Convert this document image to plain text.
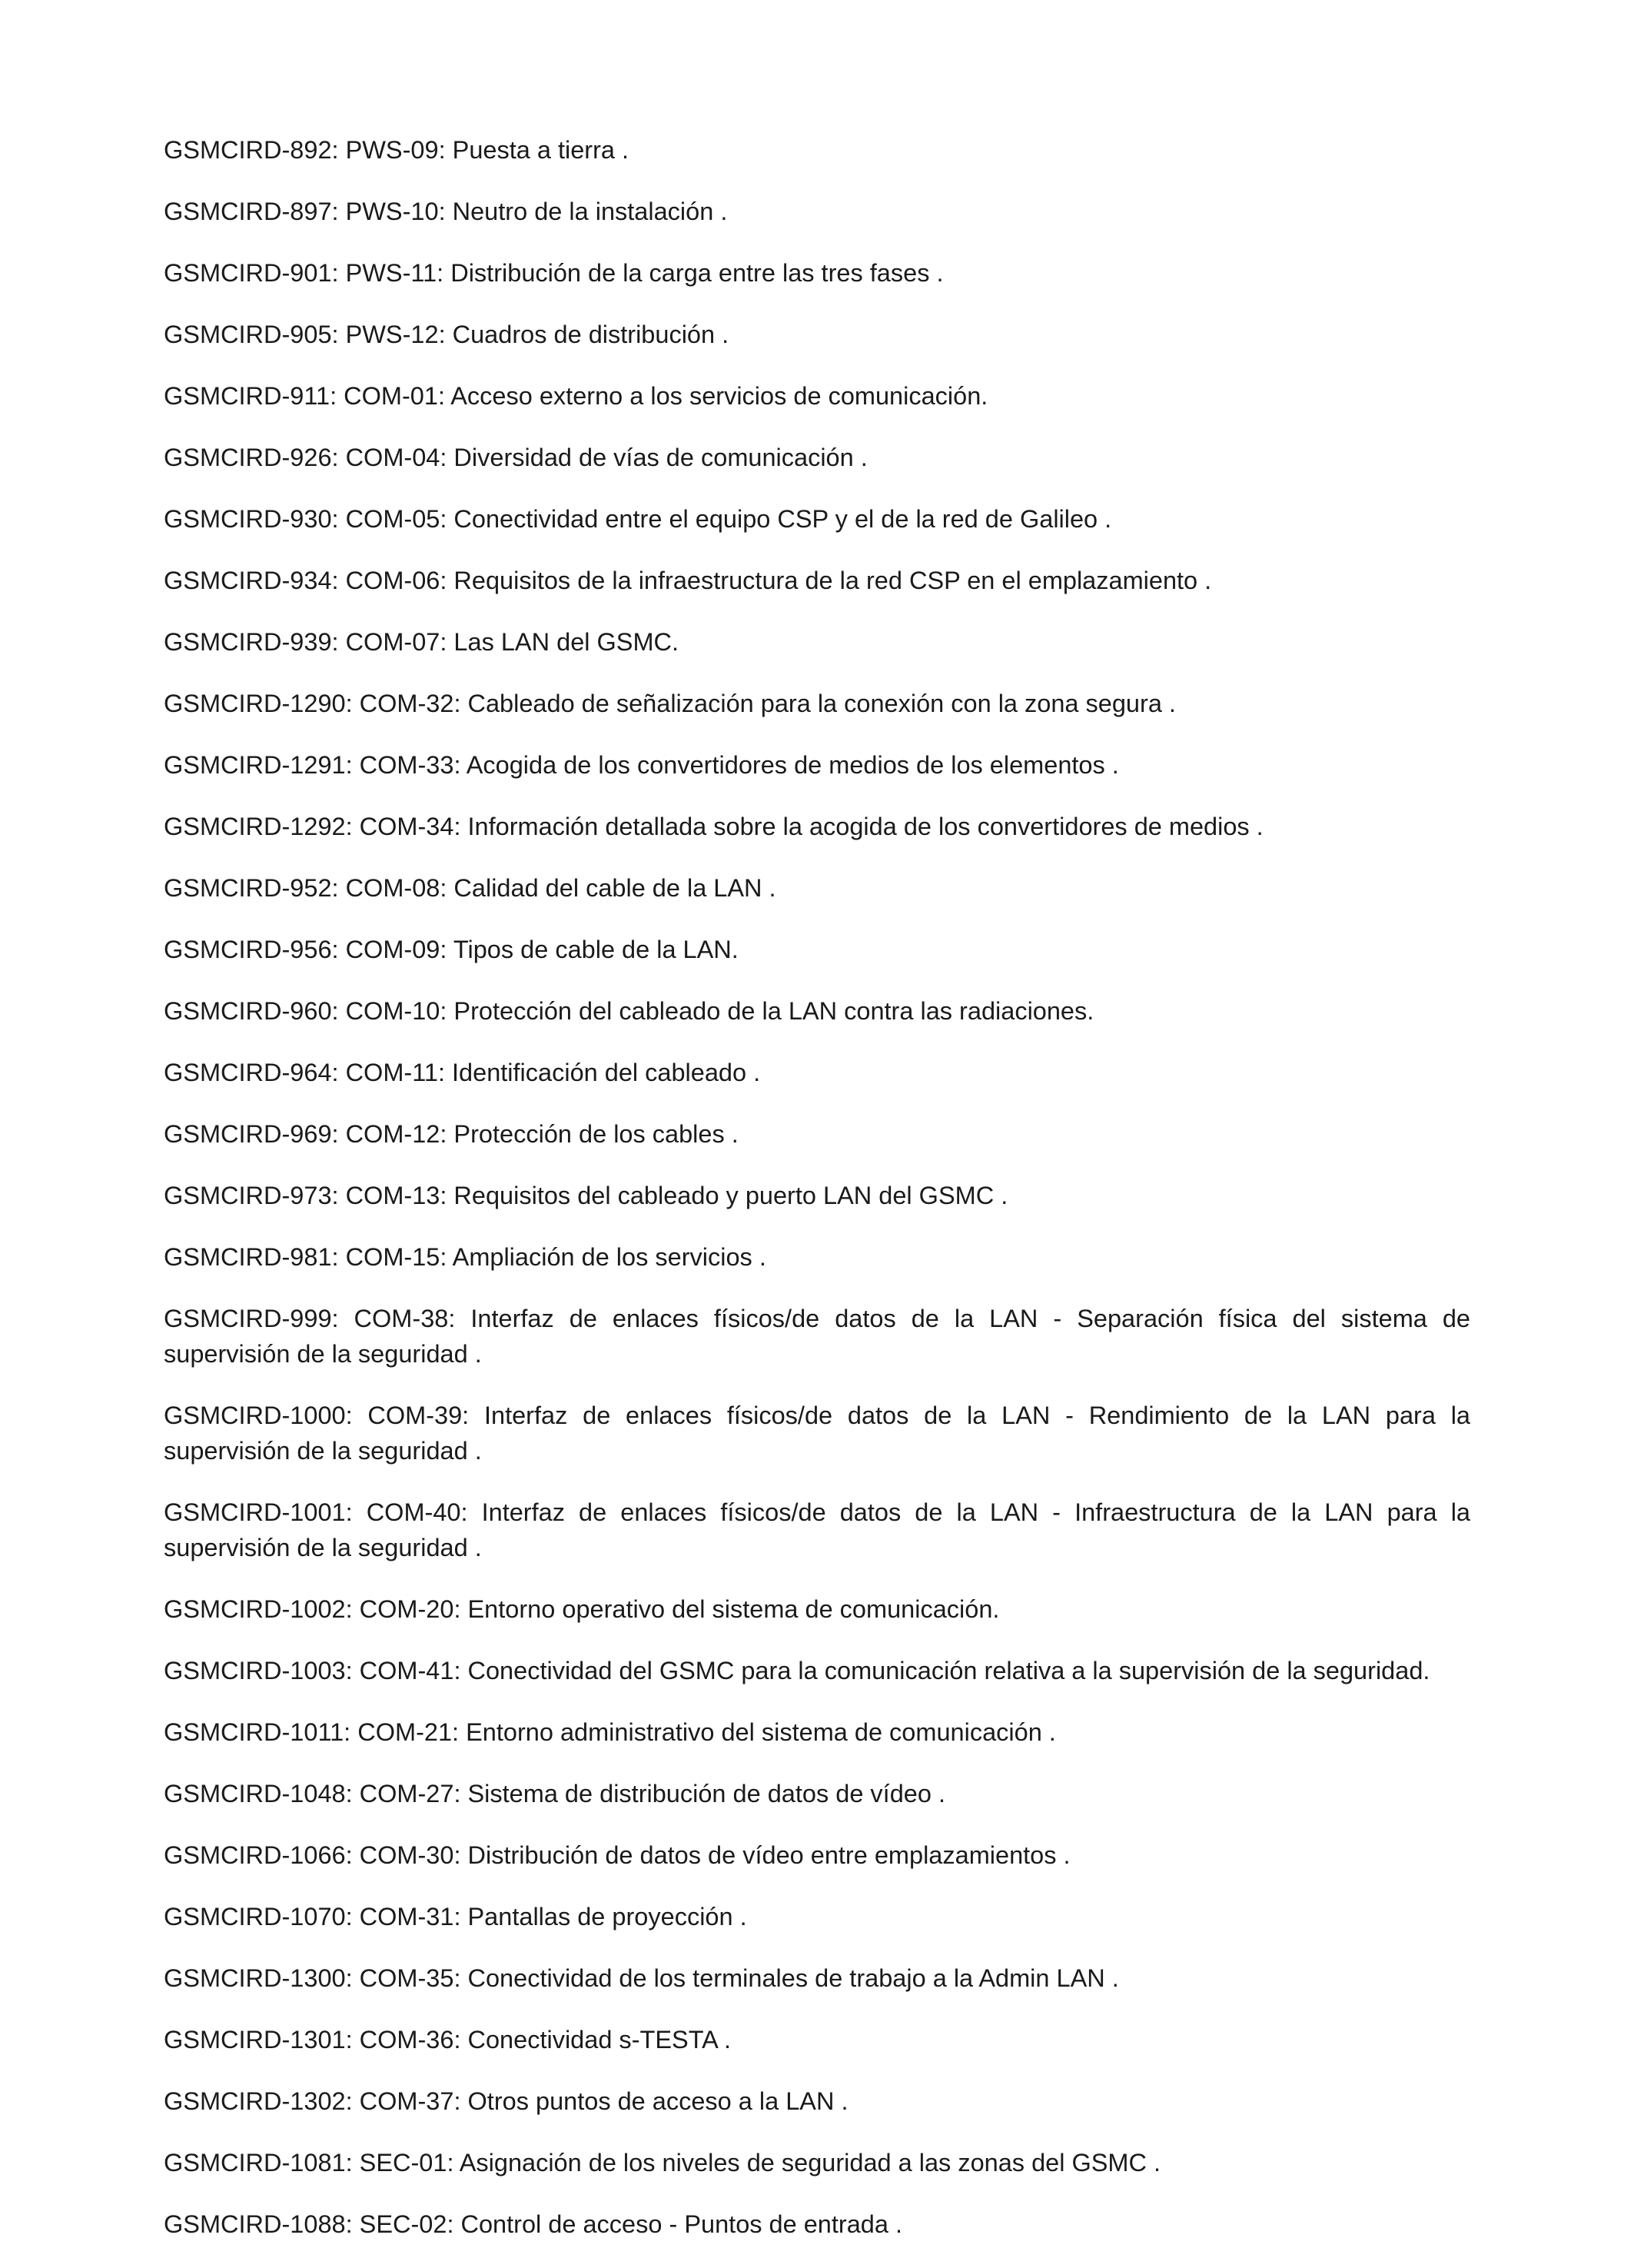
GSMCIRD-892: PWS-09: Puesta a tierra .

GSMCIRD-897: PWS-10: Neutro de la instalación .

GSMCIRD-901: PWS-11: Distribución de la carga entre las tres fases .

GSMCIRD-905: PWS-12: Cuadros de distribución .

GSMCIRD-911: COM-01: Acceso externo a los servicios de comunicación.

GSMCIRD-926: COM-04: Diversidad de vías de comunicación .

GSMCIRD-930: COM-05: Conectividad entre el equipo CSP y el de la red de Galileo .

GSMCIRD-934: COM-06: Requisitos de la infraestructura de la red CSP en el emplazamiento .

GSMCIRD-939: COM-07: Las LAN del GSMC.

GSMCIRD-1290: COM-32: Cableado de señalización para la conexión con la zona segura .

GSMCIRD-1291: COM-33: Acogida de los convertidores de medios de los elementos .

GSMCIRD-1292: COM-34: Información detallada sobre la acogida de los convertidores de medios .

GSMCIRD-952: COM-08: Calidad del cable de la LAN .

GSMCIRD-956: COM-09: Tipos de cable de la LAN.

GSMCIRD-960: COM-10: Protección del cableado de la LAN contra las radiaciones.

GSMCIRD-964: COM-11: Identificación del cableado .

GSMCIRD-969: COM-12: Protección de los cables .

GSMCIRD-973: COM-13: Requisitos del cableado y puerto LAN del GSMC .

GSMCIRD-981: COM-15: Ampliación de los servicios .

GSMCIRD-999: COM-38: Interfaz de enlaces físicos/de datos de la LAN - Separación física del sistema de supervisión de la seguridad .

GSMCIRD-1000: COM-39: Interfaz de enlaces físicos/de datos de la LAN - Rendimiento de la LAN para la supervisión de la seguridad .

GSMCIRD-1001: COM-40: Interfaz de enlaces físicos/de datos de la LAN - Infraestructura de la LAN para la supervisión de la seguridad .

GSMCIRD-1002: COM-20: Entorno operativo del sistema de comunicación.

GSMCIRD-1003: COM-41: Conectividad del GSMC para la comunicación relativa a la supervisión de la seguridad.

GSMCIRD-1011: COM-21: Entorno administrativo del sistema de comunicación .

GSMCIRD-1048: COM-27: Sistema de distribución de datos de vídeo .

GSMCIRD-1066: COM-30: Distribución de datos de vídeo entre emplazamientos .

GSMCIRD-1070: COM-31: Pantallas de proyección .

GSMCIRD-1300: COM-35: Conectividad de los terminales de trabajo a la Admin LAN .

GSMCIRD-1301: COM-36: Conectividad s-TESTA .

GSMCIRD-1302: COM-37: Otros puntos de acceso a la LAN .

GSMCIRD-1081: SEC-01: Asignación de los niveles de seguridad a las zonas del GSMC .

GSMCIRD-1088: SEC-02: Control de acceso - Puntos de entrada .
